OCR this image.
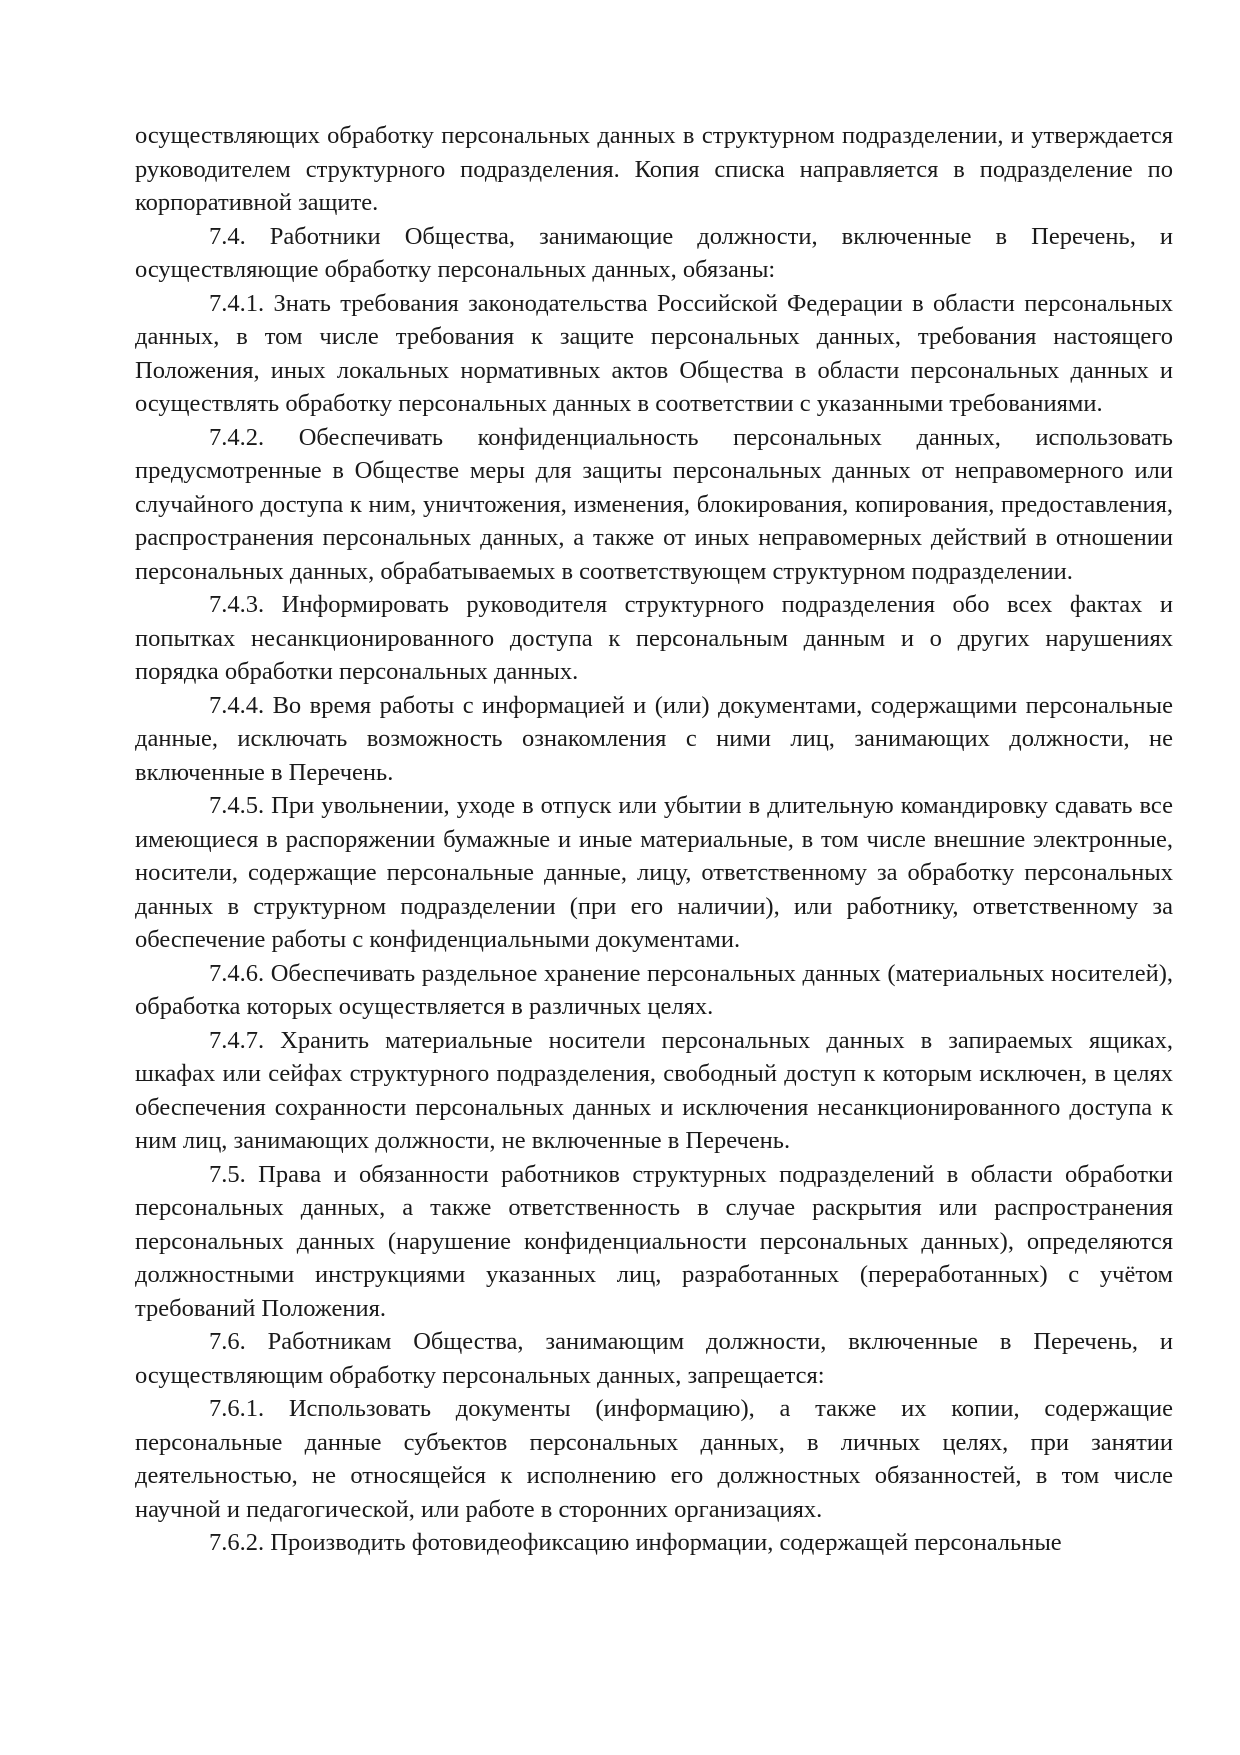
осуществляющих обработку персональных данных в структурном подразделении, и утверждается руководителем структурного подразделения. Копия списка направляется в подразделение по корпоративной защите.

7.4. Работники Общества, занимающие должности, включенные в Перечень, и осуществляющие обработку персональных данных, обязаны:

7.4.1. Знать требования законодательства Российской Федерации в области персональных данных, в том числе требования к защите персональных данных, требования настоящего Положения, иных локальных нормативных актов Общества в области персональных данных и осуществлять обработку персональных данных в соответствии с указанными требованиями.

7.4.2. Обеспечивать конфиденциальность персональных данных, использовать предусмотренные в Обществе меры для защиты персональных данных от неправомерного или случайного доступа к ним, уничтожения, изменения, блокирования, копирования, предоставления, распространения персональных данных, а также от иных неправомерных действий в отношении персональных данных, обрабатываемых в соответствующем структурном подразделении.

7.4.3. Информировать руководителя структурного подразделения обо всех фактах и попытках несанкционированного доступа к персональным данным и о других нарушениях порядка обработки персональных данных.

7.4.4. Во время работы с информацией и (или) документами, содержащими персональные данные, исключать возможность ознакомления с ними лиц, занимающих должности, не включенные в Перечень.

7.4.5. При увольнении, уходе в отпуск или убытии в длительную командировку сдавать все имеющиеся в распоряжении бумажные и иные материальные, в том числе внешние электронные, носители, содержащие персональные данные, лицу, ответственному за обработку персональных данных в структурном подразделении (при его наличии), или работнику, ответственному за обеспечение работы с конфиденциальными документами.

7.4.6. Обеспечивать раздельное хранение персональных данных (материальных носителей), обработка которых осуществляется в различных целях.

7.4.7. Хранить материальные носители персональных данных в запираемых ящиках, шкафах или сейфах структурного подразделения, свободный доступ к которым исключен, в целях обеспечения сохранности персональных данных и исключения несанкционированного доступа к ним лиц, занимающих должности, не включенные в Перечень.

7.5. Права и обязанности работников структурных подразделений в области обработки персональных данных, а также ответственность в случае раскрытия или распространения персональных данных (нарушение конфиденциальности персональных данных), определяются должностными инструкциями указанных лиц, разработанных (переработанных) с учётом требований Положения.

7.6. Работникам Общества, занимающим должности, включенные в Перечень, и осуществляющим обработку персональных данных, запрещается:

7.6.1. Использовать документы (информацию), а также их копии, содержащие персональные данные субъектов персональных данных, в личных целях, при занятии деятельностью, не относящейся к исполнению его должностных обязанностей, в том числе научной и педагогической, или работе в сторонних организациях.

7.6.2. Производить фотовидеофиксацию информации, содержащей персональные
